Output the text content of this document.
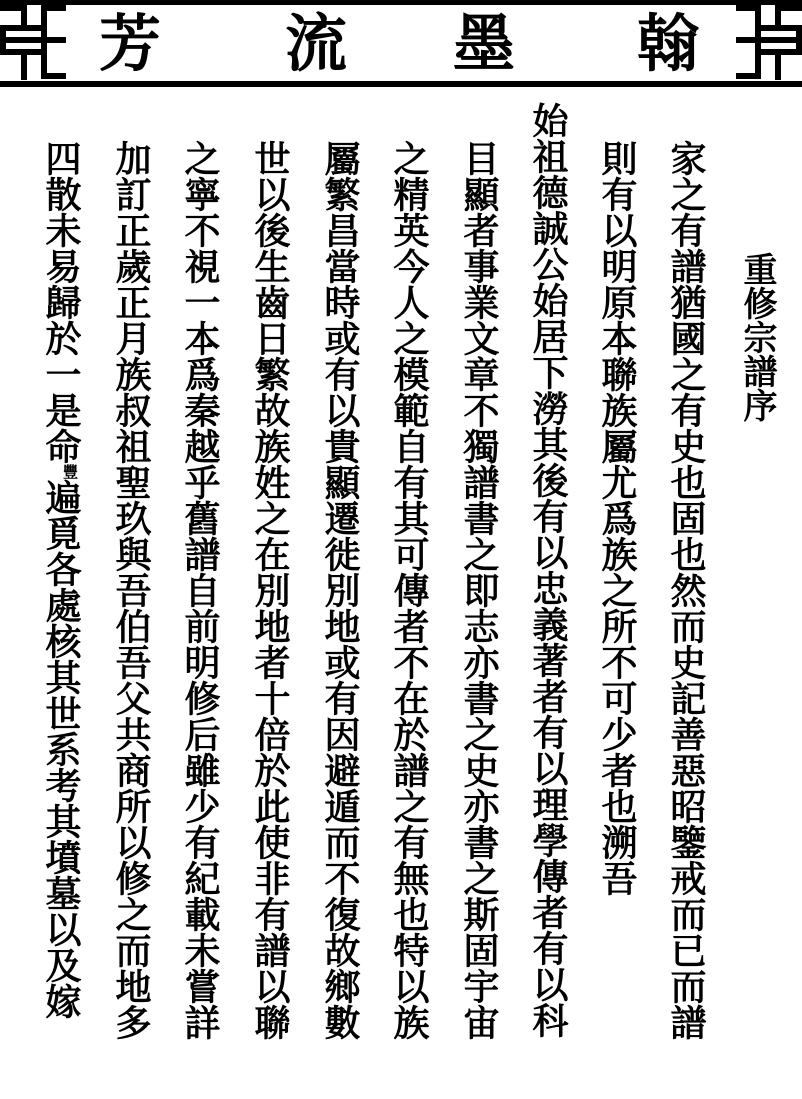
芳 流 墨 翰
重修宗譜序
家之有譜猶國之有史也固也然而史記善惡昭鑒戒而已而譜
則有以明原本聯族屬尤爲族之所不可少者也溯吾
始祖德誠公始居下澇其後有以忠義著者有以理學傳者有以科
目顯者事業文章不獨譜書之即志亦書之史亦書之斯固宇宙
之精英今人之模範自有其可傳者不在於譜之有無也特以族
屬繁昌當時或有以貴顯遷徙別地或有因避遁而不復故鄉數
世以後生齒日繁故族姓之在別地者十倍於此使非有譜以聯
之寧不視一本爲秦越乎舊譜自前明修后雖少有紀載未嘗詳
加訂正歲正月族叔祖聖玖與吾伯吾父共商所以修之而地多
四散未易歸於一是命豐遍覓各處核其世系考其墳墓以及嫁
